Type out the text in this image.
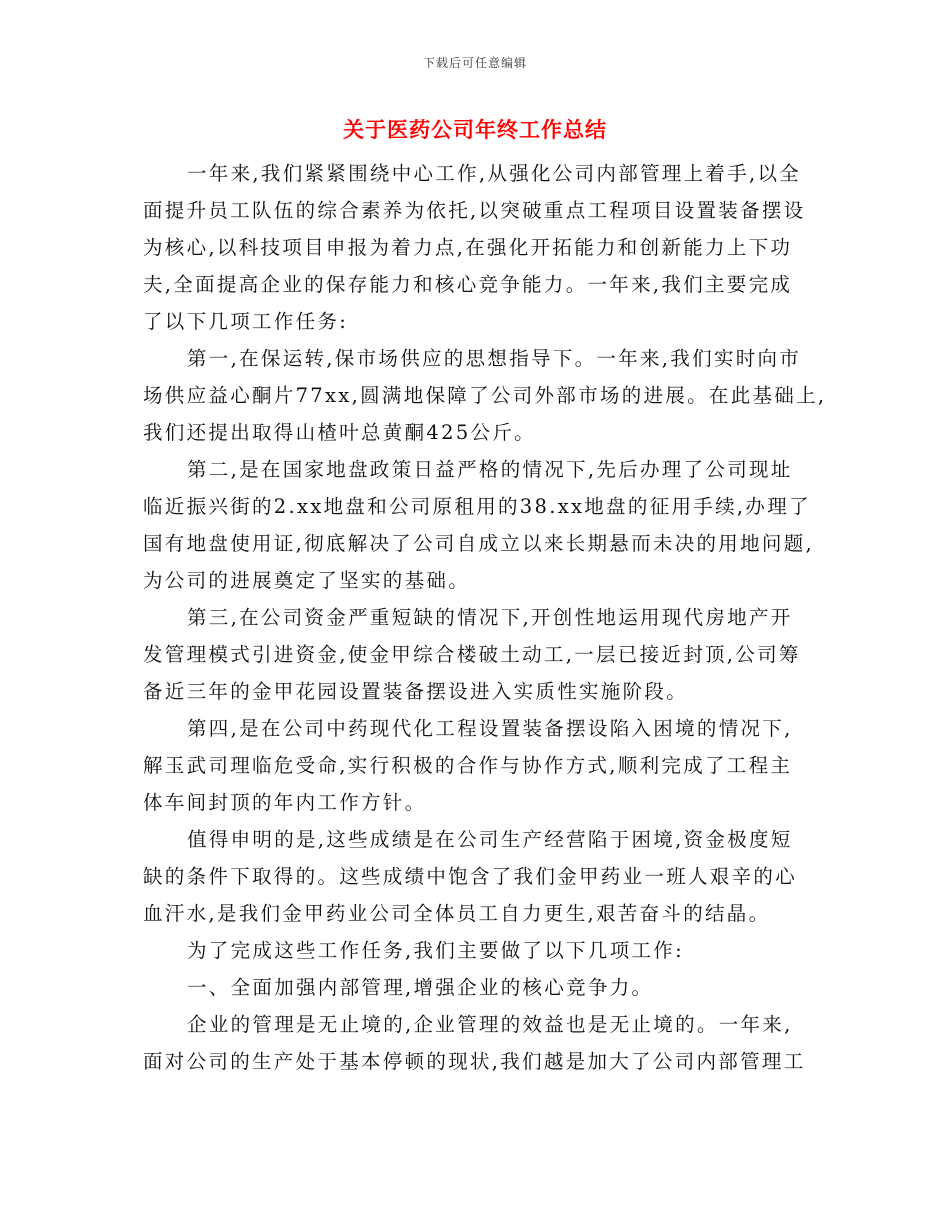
下载后可任意编辑
关于医药公司年终工作总结

一年来,我们紧紧围绕中心工作,从强化公司内部管理上着手,以全
面提升员工队伍的综合素养为依托,以突破重点工程项目设置装备摆设
为核心,以科技项目申报为着力点,在强化开拓能力和创新能力上下功
夫,全面提高企业的保存能力和核心竞争能力。一年来,我们主要完成
了以下几项工作任务:

第一,在保运转,保市场供应的思想指导下。一年来,我们实时向市
场供应益心酮片77xx,圆满地保障了公司外部市场的进展。在此基础上,
我们还提出取得山楂叶总黄酮425公斤。

第二,是在国家地盘政策日益严格的情况下,先后办理了公司现址
临近振兴街的2.xx地盘和公司原租用的38.xx地盘的征用手续,办理了
国有地盘使用证,彻底解决了公司自成立以来长期悬而未决的用地问题,
为公司的进展奠定了坚实的基础。

第三,在公司资金严重短缺的情况下,开创性地运用现代房地产开
发管理模式引进资金,使金甲综合楼破土动工,一层已接近封顶,公司筹
备近三年的金甲花园设置装备摆设进入实质性实施阶段。

第四,是在公司中药现代化工程设置装备摆设陷入困境的情况下,
解玉武司理临危受命,实行积极的合作与协作方式,顺利完成了工程主
体车间封顶的年内工作方针。

值得申明的是,这些成绩是在公司生产经营陷于困境,资金极度短
缺的条件下取得的。这些成绩中饱含了我们金甲药业一班人艰辛的心
血汗水,是我们金甲药业公司全体员工自力更生,艰苦奋斗的结晶。

为了完成这些工作任务,我们主要做了以下几项工作:

一、全面加强内部管理,增强企业的核心竞争力。

企业的管理是无止境的,企业管理的效益也是无止境的。一年来,
面对公司的生产处于基本停顿的现状,我们越是加大了公司内部管理工
